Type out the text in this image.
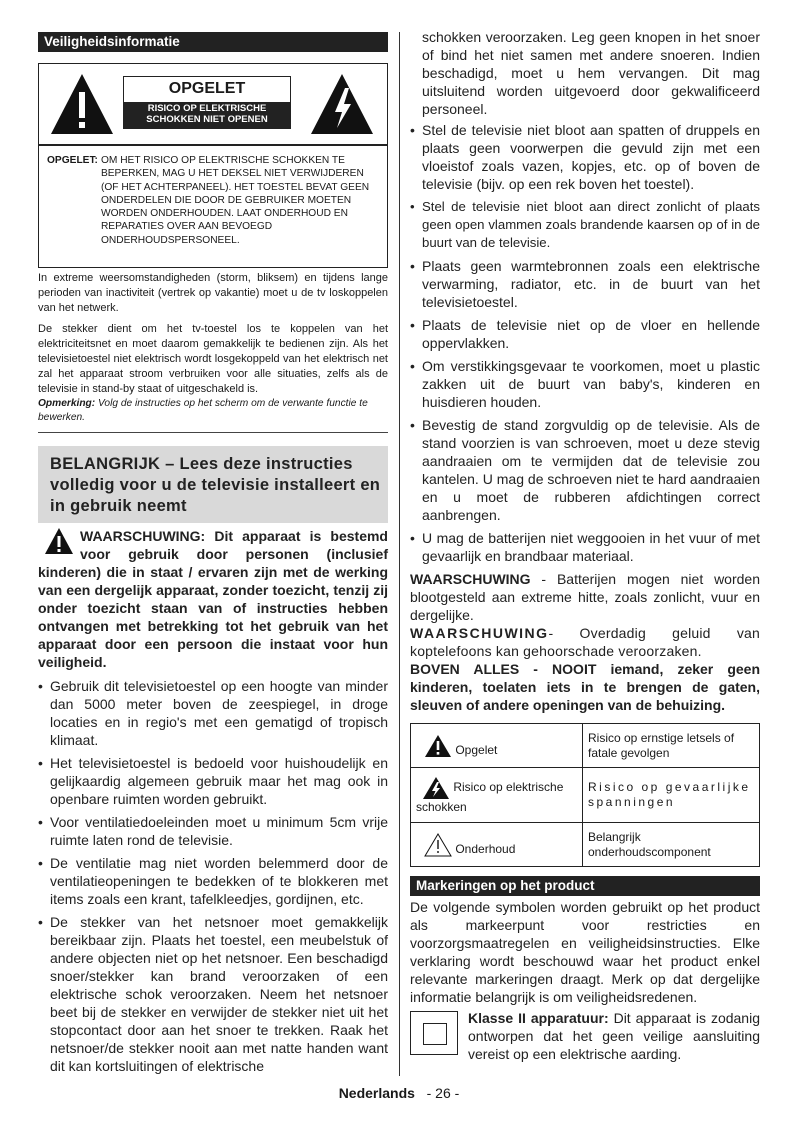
Veiligheidsinformatie
OPGELET
RISICO OP ELEKTRISCHE SCHOKKEN NIET OPENEN
OPGELET: OM HET RISICO OP ELEKTRISCHE SCHOKKEN TE BEPERKEN, MAG U HET DEKSEL NIET VERWIJDEREN (OF HET ACHTERPANEEL). HET TOESTEL BEVAT GEEN ONDERDELEN DIE DOOR DE GEBRUIKER MOETEN WORDEN ONDERHOUDEN. LAAT ONDERHOUD EN REPARATIES OVER AAN BEVOEGD ONDERHOUDSPERSONEEL.

In extreme weersomstandigheden (storm, bliksem) en tijdens lange perioden van inactiviteit (vertrek op vakantie) moet u de tv loskoppelen van het netwerk.

De stekker dient om het tv-toestel los te koppelen van het elektriciteitsnet en moet daarom gemakkelijk te bedienen zijn. Als het televisietoestel niet elektrisch wordt losgekoppeld van het elektrisch net zal het apparaat stroom verbruiken voor alle situaties, zelfs als de televisie in stand-by staat of uitgeschakeld is.

Opmerking: Volg de instructies op het scherm om de verwante functie te bewerken.
BELANGRIJK – Lees deze instructies volledig voor u de televisie installeert en in gebruik neemt
WAARSCHUWING: Dit apparaat is bestemd voor gebruik door personen (inclusief kinderen) die in staat / ervaren zijn met de werking van een dergelijk apparaat, zonder toezicht, tenzij zij onder toezicht staan van of instructies hebben ontvangen met betrekking tot het gebruik van het apparaat door een persoon die instaat voor hun veiligheid.
• Gebruik dit televisietoestel op een hoogte van minder dan 5000 meter boven de zeespiegel, in droge locaties en in regio's met een gematigd of tropisch klimaat.
• Het televisietoestel is bedoeld voor huishoudelijk en gelijkaardig algemeen gebruik maar het mag ook in openbare ruimten worden gebruikt.
• Voor ventilatiedoeleinden moet u minimum 5cm vrije ruimte laten rond de televisie.
• De ventilatie mag niet worden belemmerd door de ventilatieopeningen te bedekken of te blokkeren met items zoals een krant, tafelkleedjes, gordijnen, etc.
• De stekker van het netsnoer moet gemakkelijk bereikbaar zijn. Plaats het toestel, een meubelstuk of andere objecten niet op het netsnoer. Een beschadigd snoer/stekker kan brand veroorzaken of een elektrische schok veroorzaken. Neem het netsnoer beet bij de stekker en verwijder de stekker niet uit het stopcontact door aan het snoer te trekken. Raak het netsnoer/de stekker nooit aan met natte handen want dit kan kortsluitingen of elektrische
schokken veroorzaken. Leg geen knopen in het snoer of bind het niet samen met andere snoeren. Indien beschadigd, moet u hem vervangen. Dit mag uitsluitend worden uitgevoerd door gekwalificeerd personeel.
• Stel de televisie niet bloot aan spatten of druppels en plaats geen voorwerpen die gevuld zijn met een vloeistof zoals vazen, kopjes, etc. op of boven de televisie (bijv. op een rek boven het toestel).
• Stel de televisie niet bloot aan direct zonlicht of plaats geen open vlammen zoals brandende kaarsen op of in de buurt van de televisie.
• Plaats geen warmtebronnen zoals een elektrische verwarming, radiator, etc. in de buurt van het televisietoestel.
• Plaats de televisie niet op de vloer en hellende oppervlakken.
• Om verstikkingsgevaar te voorkomen, moet u plastic zakken uit de buurt van baby's, kinderen en huisdieren houden.
• Bevestig de stand zorgvuldig op de televisie. Als de stand voorzien is van schroeven, moet u deze stevig aandraaien om te vermijden dat de televisie zou kantelen. U mag de schroeven niet te hard aandraaien en u moet de rubberen afdichtingen correct aanbrengen.
• U mag de batterijen niet weggooien in het vuur of met gevaarlijk en brandbaar materiaal.
WAARSCHUWING - Batterijen mogen niet worden blootgesteld aan extreme hitte, zoals zonlicht, vuur en dergelijke.
WAARSCHUWING- Overdadig geluid van koptelefoons kan gehoorschade veroorzaken.
BOVEN ALLES - NOOIT iemand, zeker geen kinderen, toelaten iets in te brengen de gaten, sleuven of andere openingen van de behuizing.
Opgelet	Risico op ernstige letsels of fatale gevolgen

Risico op elektrische schokken	Risico op gevaarlijke spanningen

Onderhoud	Belangrijk onderhoudscomponent
Markeringen op het product
De volgende symbolen worden gebruikt op het product als markeerpunt voor restricties en voorzorgsmaatregelen en veiligheidsinstructies. Elke verklaring wordt beschouwd waar het product enkel relevante markeringen draagt. Merk op dat dergelijke informatie belangrijk is om veiligheidsredenen.
Klasse II apparatuur: Dit apparaat is zodanig ontworpen dat het geen veilige aansluiting vereist op een elektrische aarding.
Nederlands - 26 -
